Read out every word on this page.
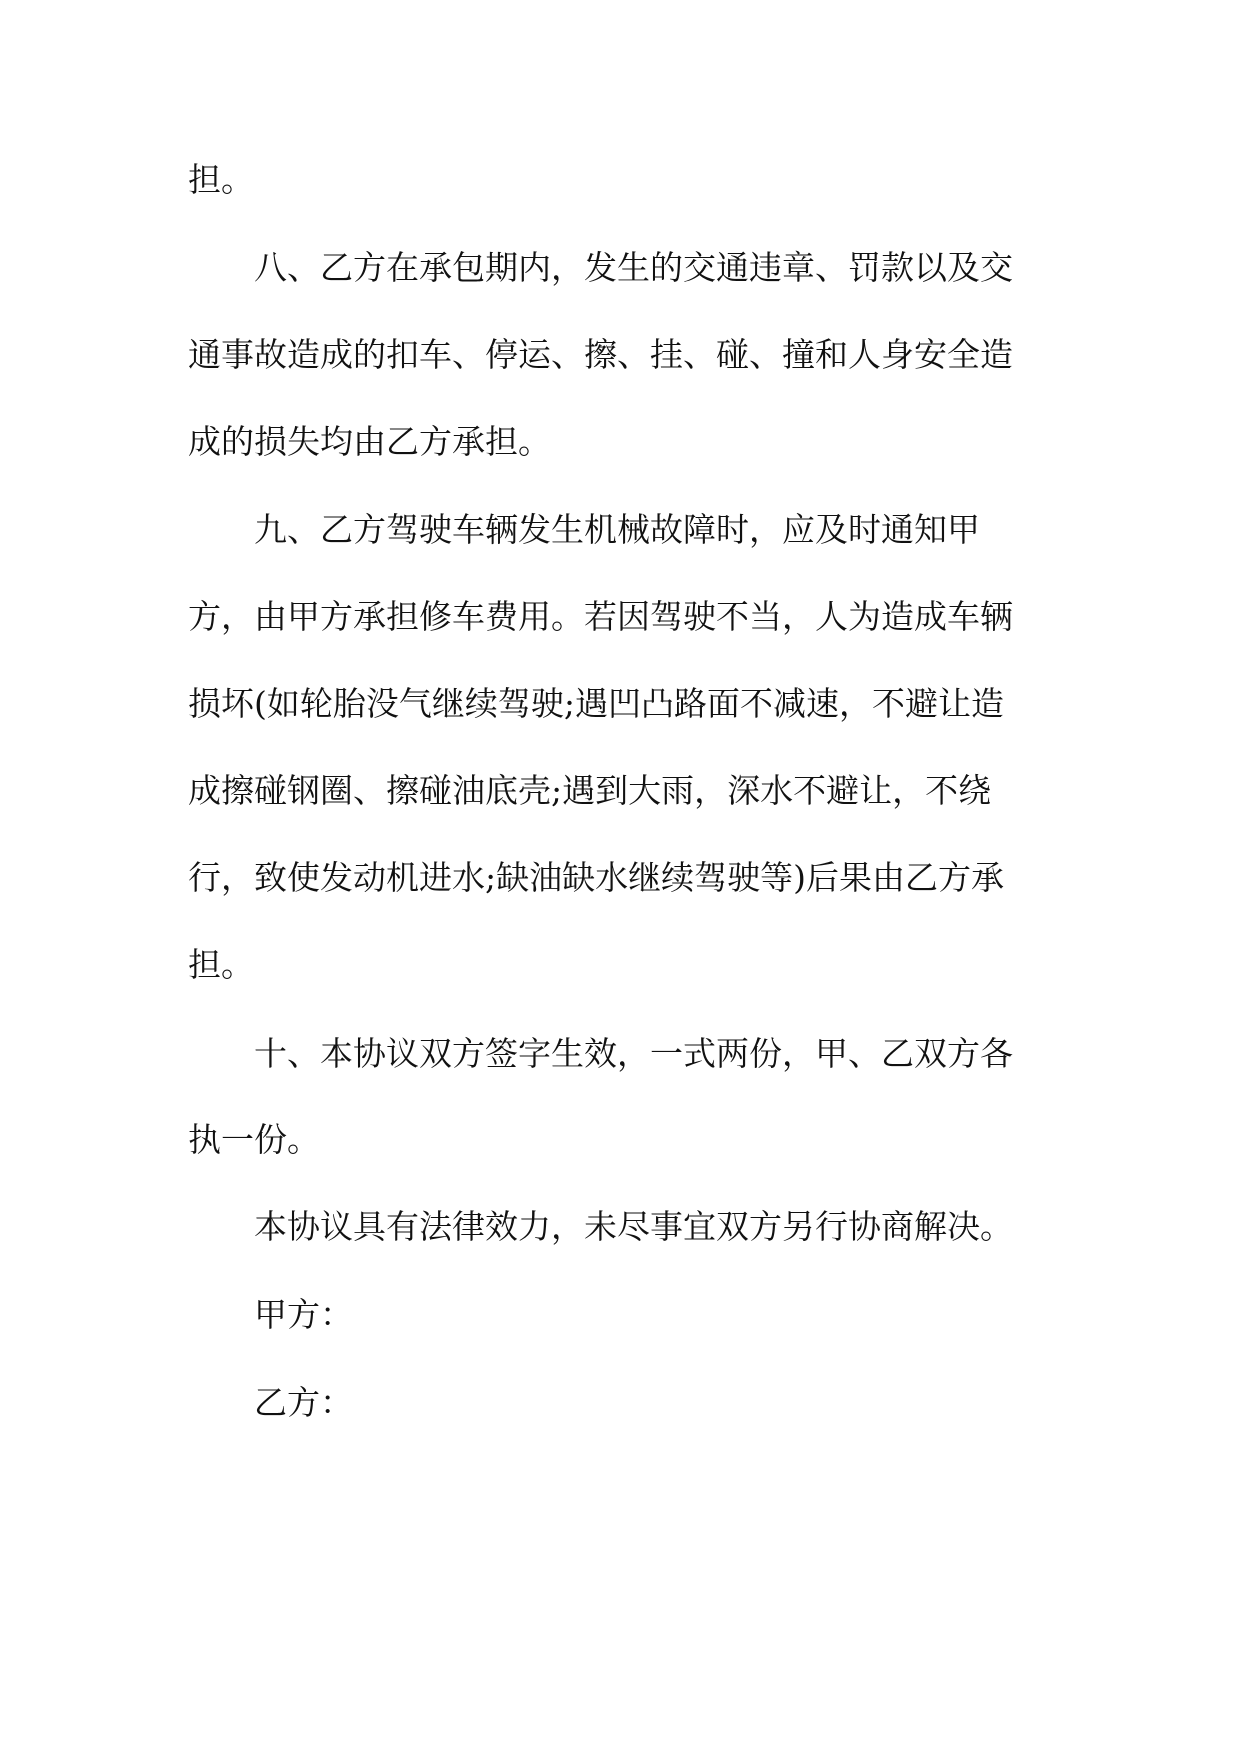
担。
八、乙方在承包期内，发生的交通违章、罚款以及交
通事故造成的扣车、停运、擦、挂、碰、撞和人身安全造
成的损失均由乙方承担。
九、乙方驾驶车辆发生机械故障时，应及时通知甲
方，由甲方承担修车费用。若因驾驶不当，人为造成车辆
损坏(如轮胎没气继续驾驶;遇凹凸路面不减速，不避让造
成擦碰钢圈、擦碰油底壳;遇到大雨，深水不避让，不绕
行，致使发动机进水;缺油缺水继续驾驶等)后果由乙方承
担。
十、本协议双方签字生效，一式两份，甲、乙双方各
执一份。
本协议具有法律效力，未尽事宜双方另行协商解决。
甲方：
乙方：
